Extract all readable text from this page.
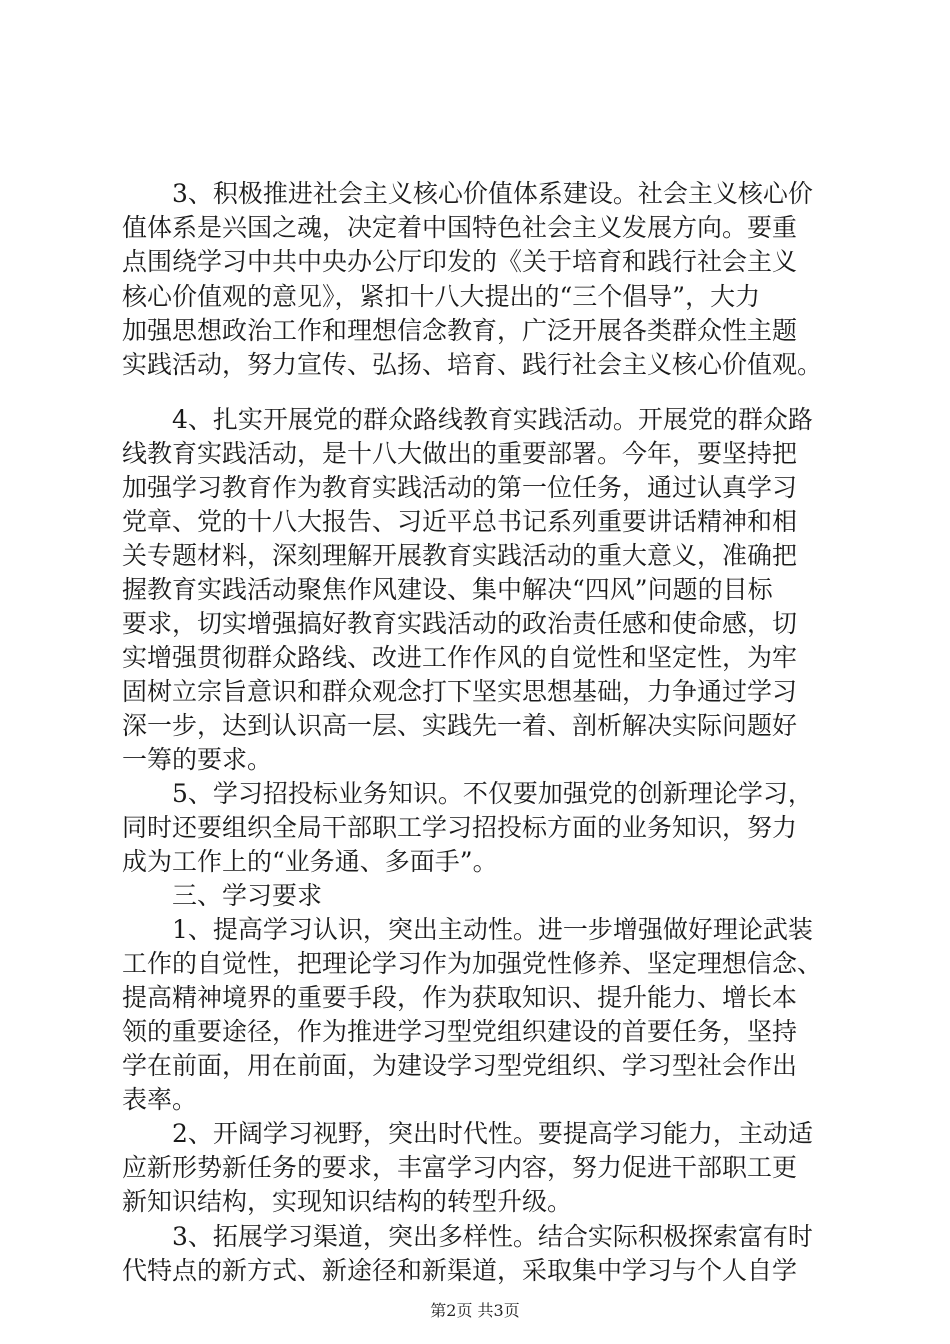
　　3、积极推进社会主义核心价值体系建设。社会主义核心价
值体系是兴国之魂，决定着中国特色社会主义发展方向。要重
点围绕学习中共中央办公厅印发的《关于培育和践行社会主义
核心价值观的意见》，紧扣十八大提出的“三个倡导”，大力
加强思想政治工作和理想信念教育，广泛开展各类群众性主题
实践活动，努力宣传、弘扬、培育、践行社会主义核心价值观。
　　4、扎实开展党的群众路线教育实践活动。开展党的群众路
线教育实践活动，是十八大做出的重要部署。今年，要坚持把
加强学习教育作为教育实践活动的第一位任务，通过认真学习
党章、党的十八大报告、习近平总书记系列重要讲话精神和相
关专题材料，深刻理解开展教育实践活动的重大意义，准确把
握教育实践活动聚焦作风建设、集中解决“四风”问题的目标
要求，切实增强搞好教育实践活动的政治责任感和使命感，切
实增强贯彻群众路线、改进工作作风的自觉性和坚定性，为牢
固树立宗旨意识和群众观念打下坚实思想基础，力争通过学习
深一步，达到认识高一层、实践先一着、剖析解决实际问题好
一筹的要求。
　　5、学习招投标业务知识。不仅要加强党的创新理论学习，
同时还要组织全局干部职工学习招投标方面的业务知识，努力
成为工作上的“业务通、多面手”。
　　三、学习要求
　　1、提高学习认识，突出主动性。进一步增强做好理论武装
工作的自觉性，把理论学习作为加强党性修养、坚定理想信念、
提高精神境界的重要手段，作为获取知识、提升能力、增长本
领的重要途径，作为推进学习型党组织建设的首要任务，坚持
学在前面，用在前面，为建设学习型党组织、学习型社会作出
表率。
　　2、开阔学习视野，突出时代性。要提高学习能力，主动适
应新形势新任务的要求，丰富学习内容，努力促进干部职工更
新知识结构，实现知识结构的转型升级。
　　3、拓展学习渠道，突出多样性。结合实际积极探索富有时
代特点的新方式、新途径和新渠道，采取集中学习与个人自学
第2页 共3页
